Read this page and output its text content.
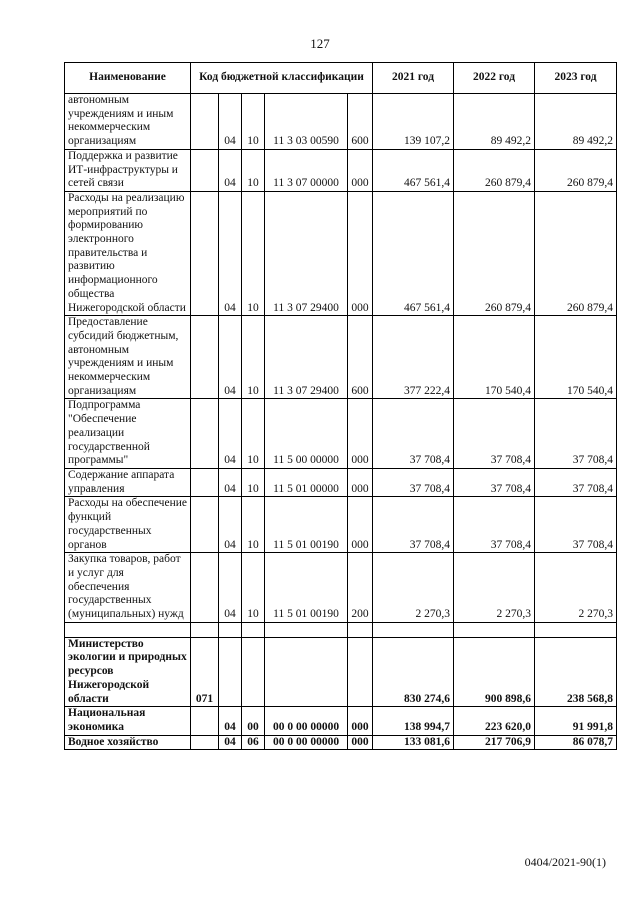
127
Наименование	Код бюджетной классификации					2021 год	2022 год	2023 год
автономным учреждениям и иным некоммерческим организациям		04	10	11 3 03 00590	600	139 107,2	89 492,2	89 492,2
Поддержка и развитие ИТ-инфраструктуры и сетей связи		04	10	11 3 07 00000	000	467 561,4	260 879,4	260 879,4
Расходы на реализацию мероприятий по формированию электронного правительства и развитию информационного общества Нижегородской области		04	10	11 3 07 29400	000	467 561,4	260 879,4	260 879,4
Предоставление субсидий бюджетным, автономным учреждениям и иным некоммерческим организациям		04	10	11 3 07 29400	600	377 222,4	170 540,4	170 540,4
Подпрограмма "Обеспечение реализации государственной программы"		04	10	11 5 00 00000	000	37 708,4	37 708,4	37 708,4
Содержание аппарата управления		04	10	11 5 01 00000	000	37 708,4	37 708,4	37 708,4
Расходы на обеспечение функций государственных органов		04	10	11 5 01 00190	000	37 708,4	37 708,4	37 708,4
Закупка товаров, работ и услуг для обеспечения государственных (муниципальных) нужд		04	10	11 5 01 00190	200	2 270,3	2 270,3	2 270,3

Министерство экологии и природных ресурсов Нижегородской области	071					830 274,6	900 898,6	238 568,8
Национальная экономика		04	00	00 0 00 00000	000	138 994,7	223 620,0	91 991,8
Водное хозяйство		04	06	00 0 00 00000	000	133 081,6	217 706,9	86 078,7
0404/2021-90(1)
